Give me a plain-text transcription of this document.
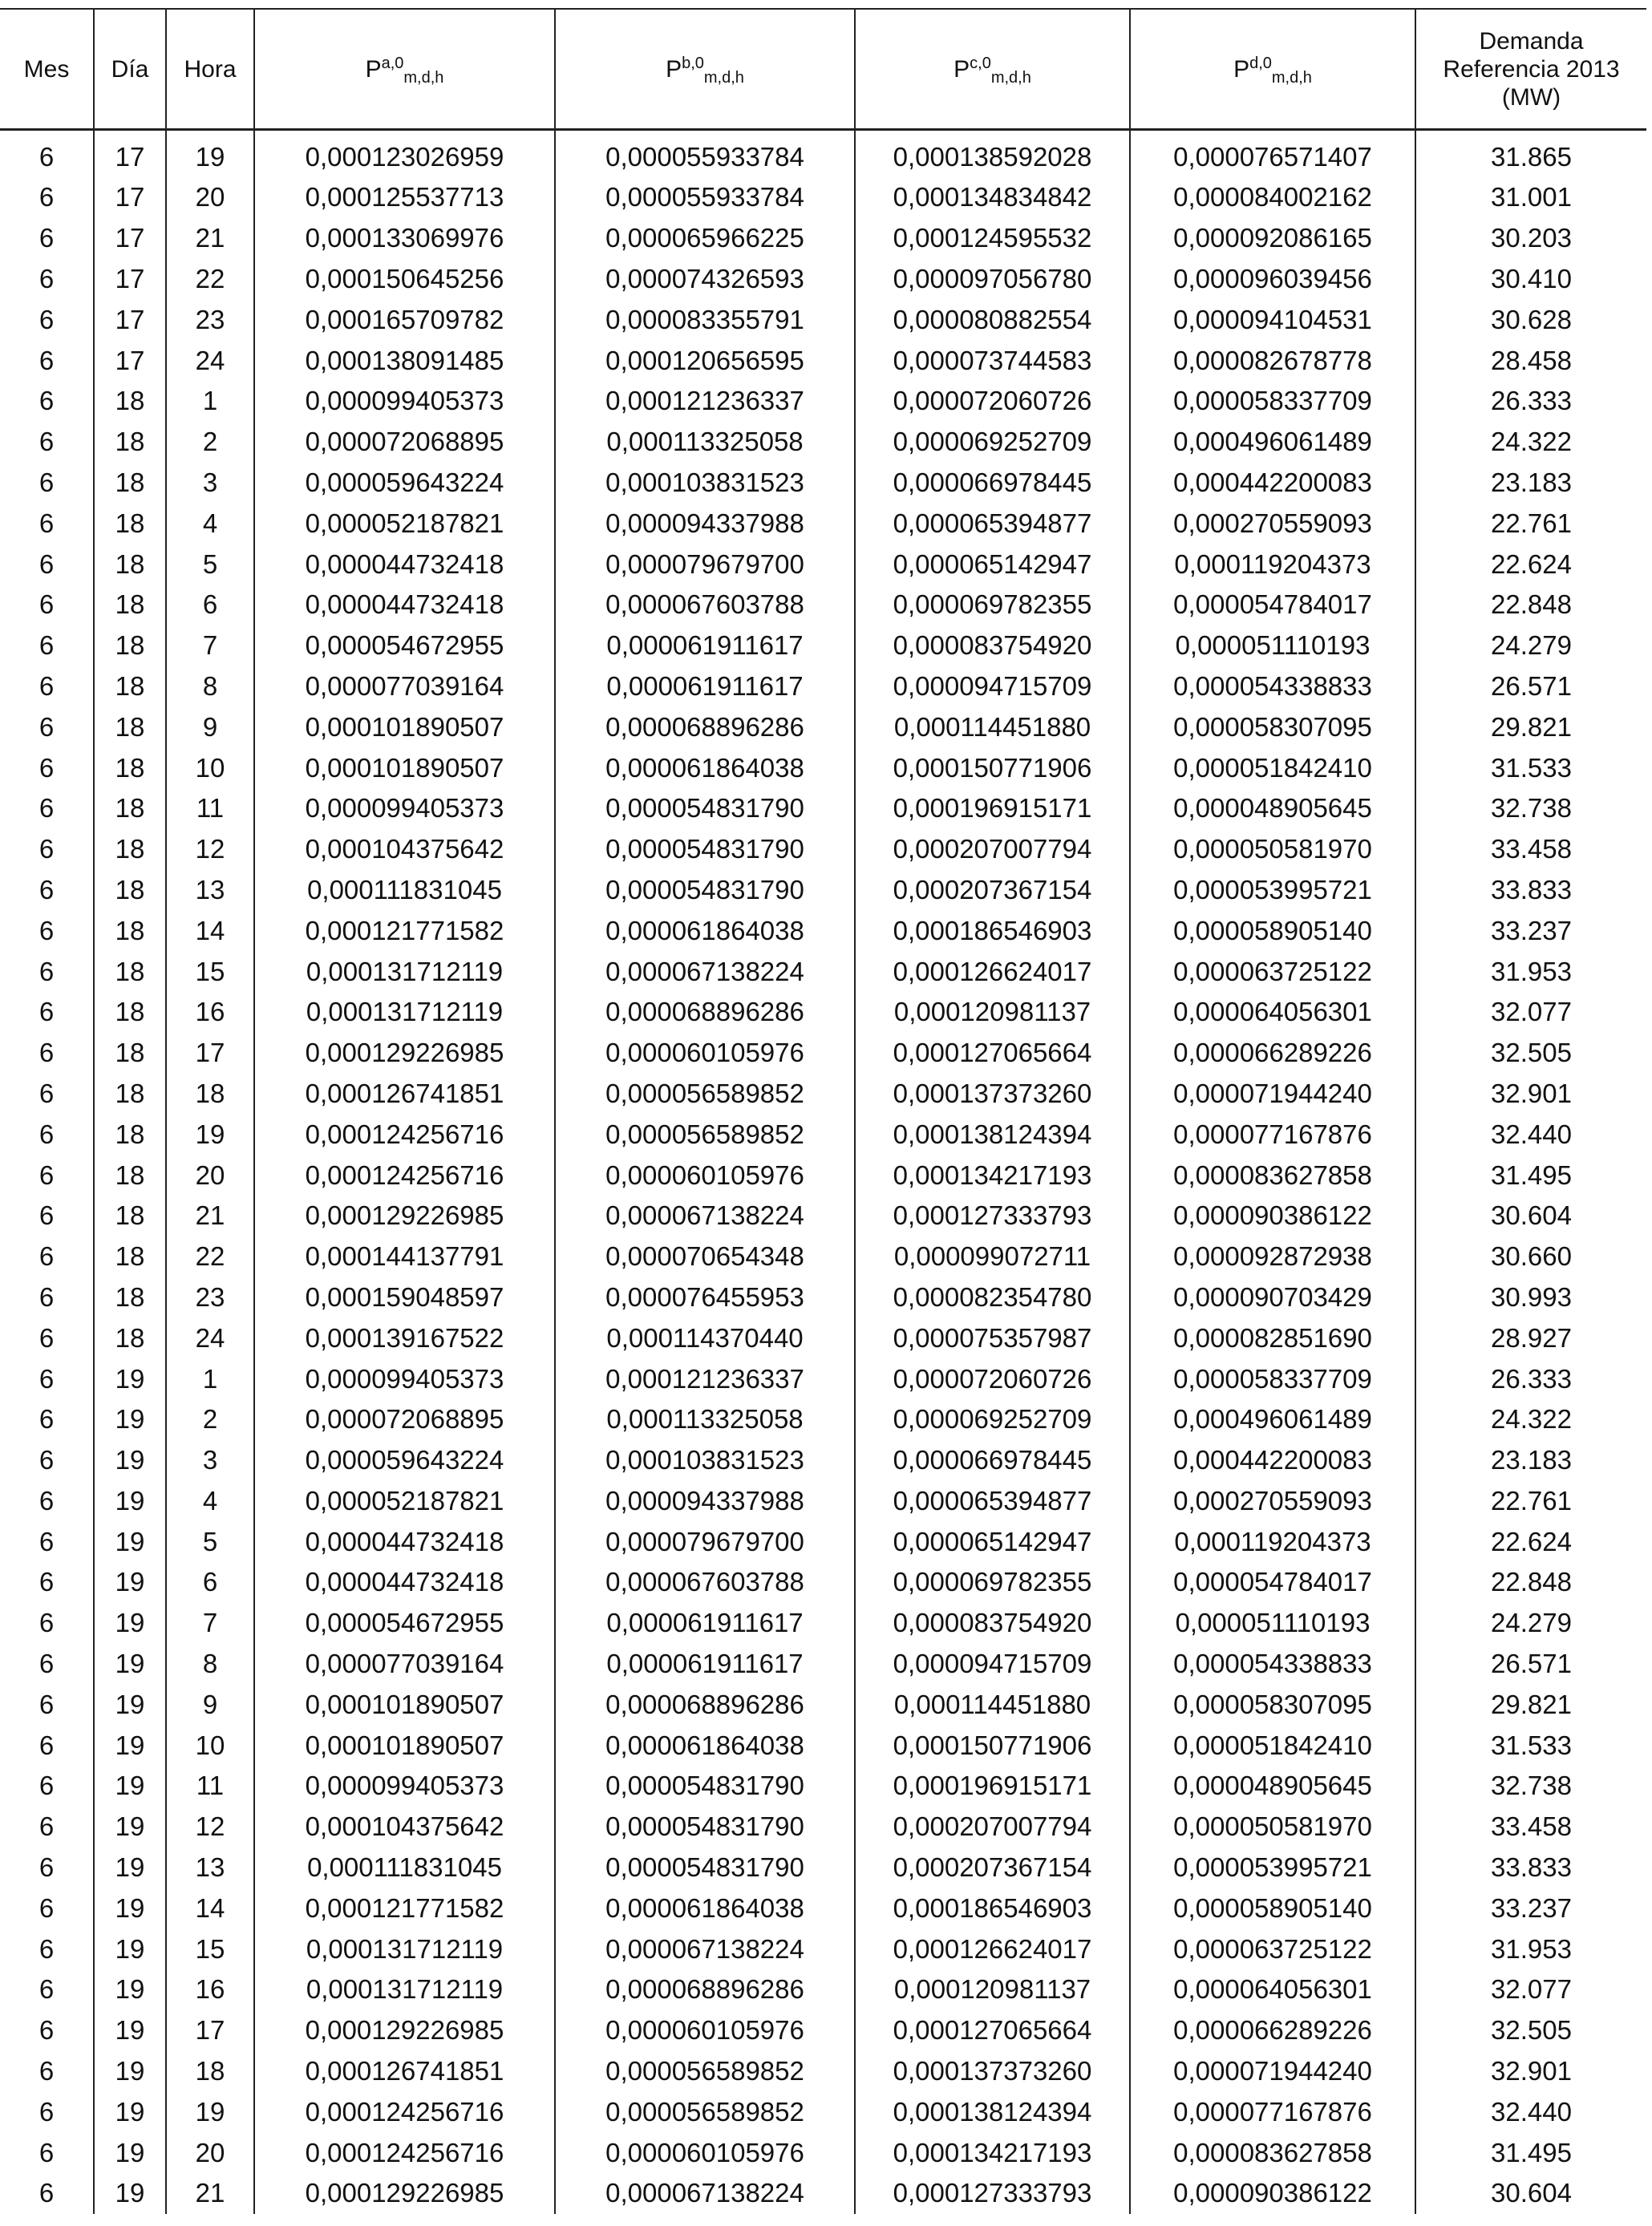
Mes	Día	Hora	P$^{a,0}_{m,d,h}$	P$^{b,0}_{m,d,h}$	P$^{c,0}_{m,d,h}$	P$^{d,0}_{m,d,h}$	Demanda
Referencia 2013
(MW)

6	17	19	0,000123026959	0,000055933784	0,000138592028	0,000076571407	31.865
6	17	20	0,000125537713	0,000055933784	0,000134834842	0,000084002162	31.001
6	17	21	0,000133069976	0,000065966225	0,000124595532	0,000092086165	30.203
6	17	22	0,000150645256	0,000074326593	0,000097056780	0,000096039456	30.410
6	17	23	0,000165709782	0,000083355791	0,000080882554	0,000094104531	30.628
6	17	24	0,000138091485	0,000120656595	0,000073744583	0,000082678778	28.458
6	18	1	0,000099405373	0,000121236337	0,000072060726	0,000058337709	26.333
6	18	2	0,000072068895	0,000113325058	0,000069252709	0,000496061489	24.322
6	18	3	0,000059643224	0,000103831523	0,000066978445	0,000442200083	23.183
6	18	4	0,000052187821	0,000094337988	0,000065394877	0,000270559093	22.761
6	18	5	0,000044732418	0,000079679700	0,000065142947	0,000119204373	22.624
6	18	6	0,000044732418	0,000067603788	0,000069782355	0,000054784017	22.848
6	18	7	0,000054672955	0,000061911617	0,000083754920	0,000051110193	24.279
6	18	8	0,000077039164	0,000061911617	0,000094715709	0,000054338833	26.571
6	18	9	0,000101890507	0,000068896286	0,000114451880	0,000058307095	29.821
6	18	10	0,000101890507	0,000061864038	0,000150771906	0,000051842410	31.533
6	18	11	0,000099405373	0,000054831790	0,000196915171	0,000048905645	32.738
6	18	12	0,000104375642	0,000054831790	0,000207007794	0,000050581970	33.458
6	18	13	0,000111831045	0,000054831790	0,000207367154	0,000053995721	33.833
6	18	14	0,000121771582	0,000061864038	0,000186546903	0,000058905140	33.237
6	18	15	0,000131712119	0,000067138224	0,000126624017	0,000063725122	31.953
6	18	16	0,000131712119	0,000068896286	0,000120981137	0,000064056301	32.077
6	18	17	0,000129226985	0,000060105976	0,000127065664	0,000066289226	32.505
6	18	18	0,000126741851	0,000056589852	0,000137373260	0,000071944240	32.901
6	18	19	0,000124256716	0,000056589852	0,000138124394	0,000077167876	32.440
6	18	20	0,000124256716	0,000060105976	0,000134217193	0,000083627858	31.495
6	18	21	0,000129226985	0,000067138224	0,000127333793	0,000090386122	30.604
6	18	22	0,000144137791	0,000070654348	0,000099072711	0,000092872938	30.660
6	18	23	0,000159048597	0,000076455953	0,000082354780	0,000090703429	30.993
6	18	24	0,000139167522	0,000114370440	0,000075357987	0,000082851690	28.927
6	19	1	0,000099405373	0,000121236337	0,000072060726	0,000058337709	26.333
6	19	2	0,000072068895	0,000113325058	0,000069252709	0,000496061489	24.322
6	19	3	0,000059643224	0,000103831523	0,000066978445	0,000442200083	23.183
6	19	4	0,000052187821	0,000094337988	0,000065394877	0,000270559093	22.761
6	19	5	0,000044732418	0,000079679700	0,000065142947	0,000119204373	22.624
6	19	6	0,000044732418	0,000067603788	0,000069782355	0,000054784017	22.848
6	19	7	0,000054672955	0,000061911617	0,000083754920	0,000051110193	24.279
6	19	8	0,000077039164	0,000061911617	0,000094715709	0,000054338833	26.571
6	19	9	0,000101890507	0,000068896286	0,000114451880	0,000058307095	29.821
6	19	10	0,000101890507	0,000061864038	0,000150771906	0,000051842410	31.533
6	19	11	0,000099405373	0,000054831790	0,000196915171	0,000048905645	32.738
6	19	12	0,000104375642	0,000054831790	0,000207007794	0,000050581970	33.458
6	19	13	0,000111831045	0,000054831790	0,000207367154	0,000053995721	33.833
6	19	14	0,000121771582	0,000061864038	0,000186546903	0,000058905140	33.237
6	19	15	0,000131712119	0,000067138224	0,000126624017	0,000063725122	31.953
6	19	16	0,000131712119	0,000068896286	0,000120981137	0,000064056301	32.077
6	19	17	0,000129226985	0,000060105976	0,000127065664	0,000066289226	32.505
6	19	18	0,000126741851	0,000056589852	0,000137373260	0,000071944240	32.901
6	19	19	0,000124256716	0,000056589852	0,000138124394	0,000077167876	32.440
6	19	20	0,000124256716	0,000060105976	0,000134217193	0,000083627858	31.495
6	19	21	0,000129226985	0,000067138224	0,000127333793	0,000090386122	30.604
